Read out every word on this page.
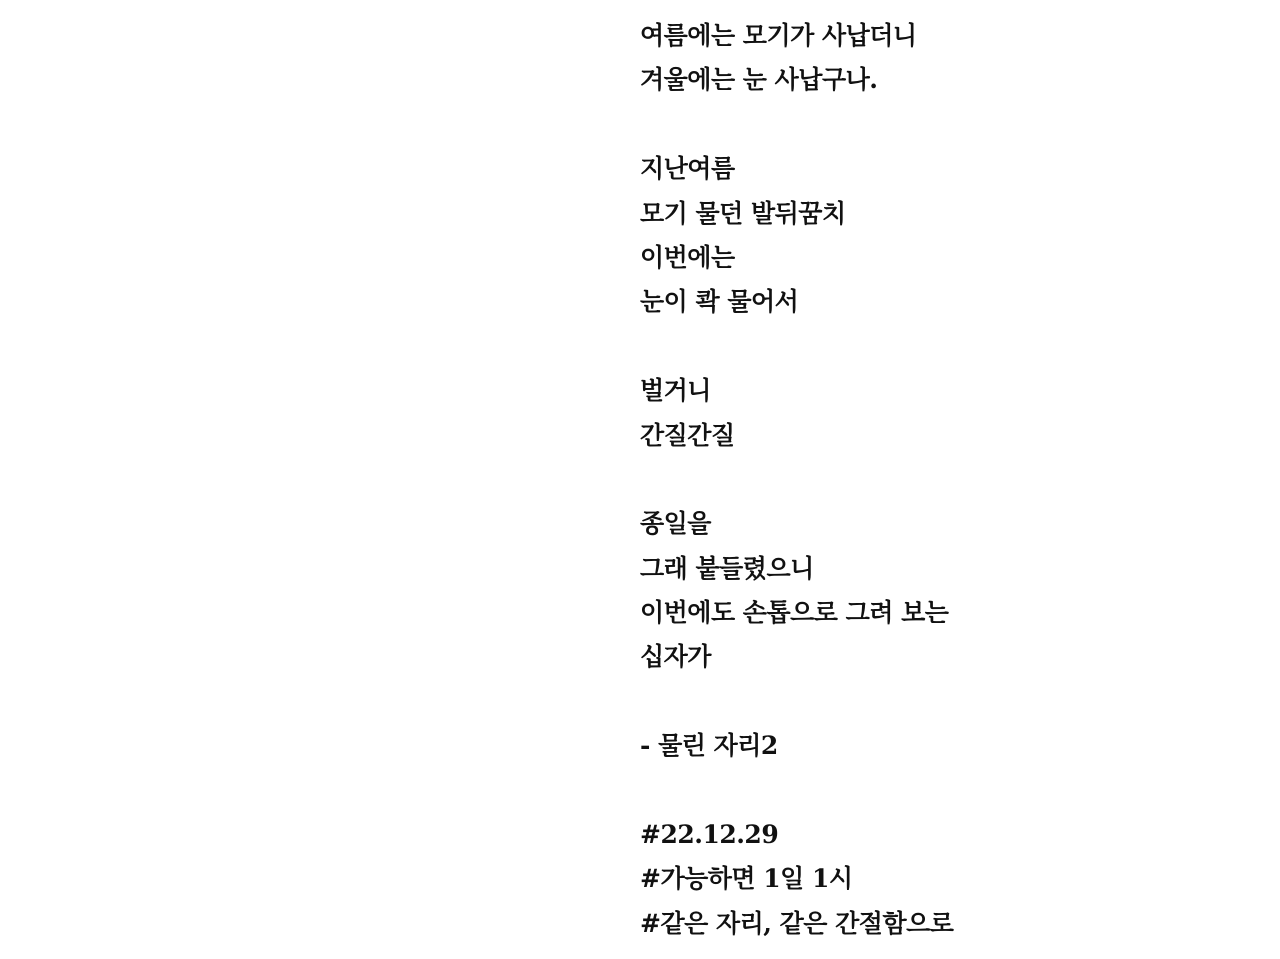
여름에는 모기가 사납더니
겨울에는 눈 사납구나.
지난여름
모기 물던 발뒤꿈치
이번에는
눈이 콱 물어서
벌거니
간질간질
종일을
그래 붙들렸으니
이번에도 손톱으로 그려 보는
십자가
- 물린 자리2
#22.12.29
#가능하면 1일 1시
#같은 자리, 같은 간절함으로
